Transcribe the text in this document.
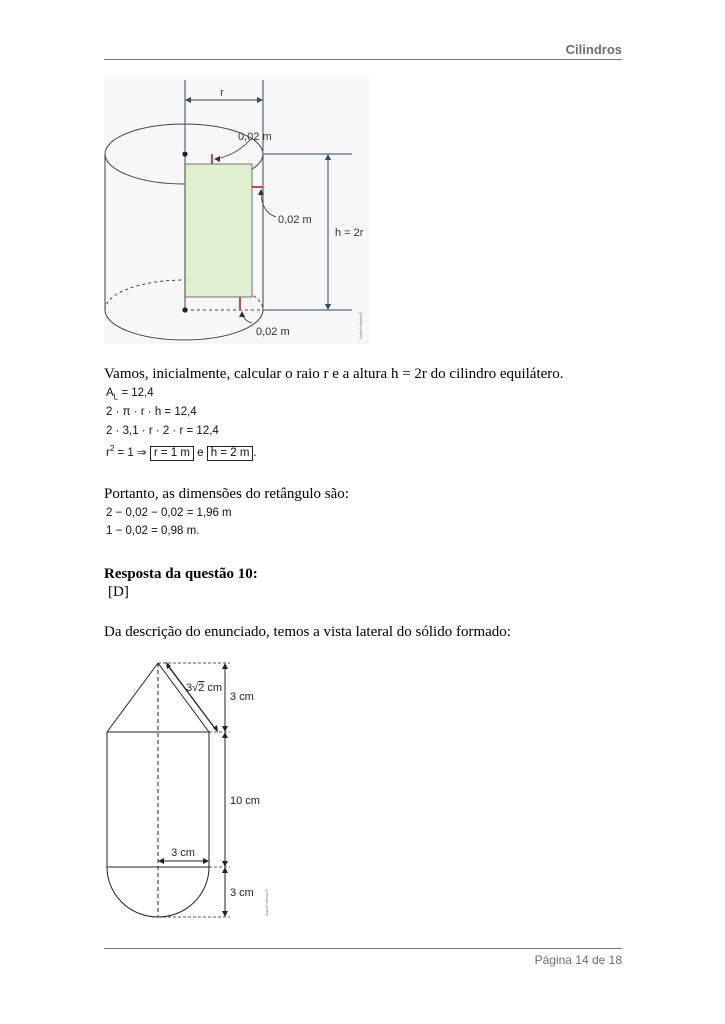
Cilindros
r
h = 2r
0,02 m
0,02 m
0,02 m	SuperProfessor®
Vamos, inicialmente, calcular o raio r e a altura h = 2r do cilindro equilátero.
$A_L = 12,4$
2 · π · r · h = 12,4
2 · 3,1 · r · 2 · r = 12,4
$r^2 = 1$ ⇒ r = 1 m e h = 2 m .
Portanto, as dimensões do retângulo são:
2 − 0,02 − 0,02 = 1,96 m
1 − 0,02 = 0,98 m.
Resposta da questão 10:
[D]
Da descrição do enunciado, temos a vista lateral do sólido formado:
3 cm
3√2 cm
3 cm
10 cm
3 cm	SuperProfessor®
Página 14 de 18
